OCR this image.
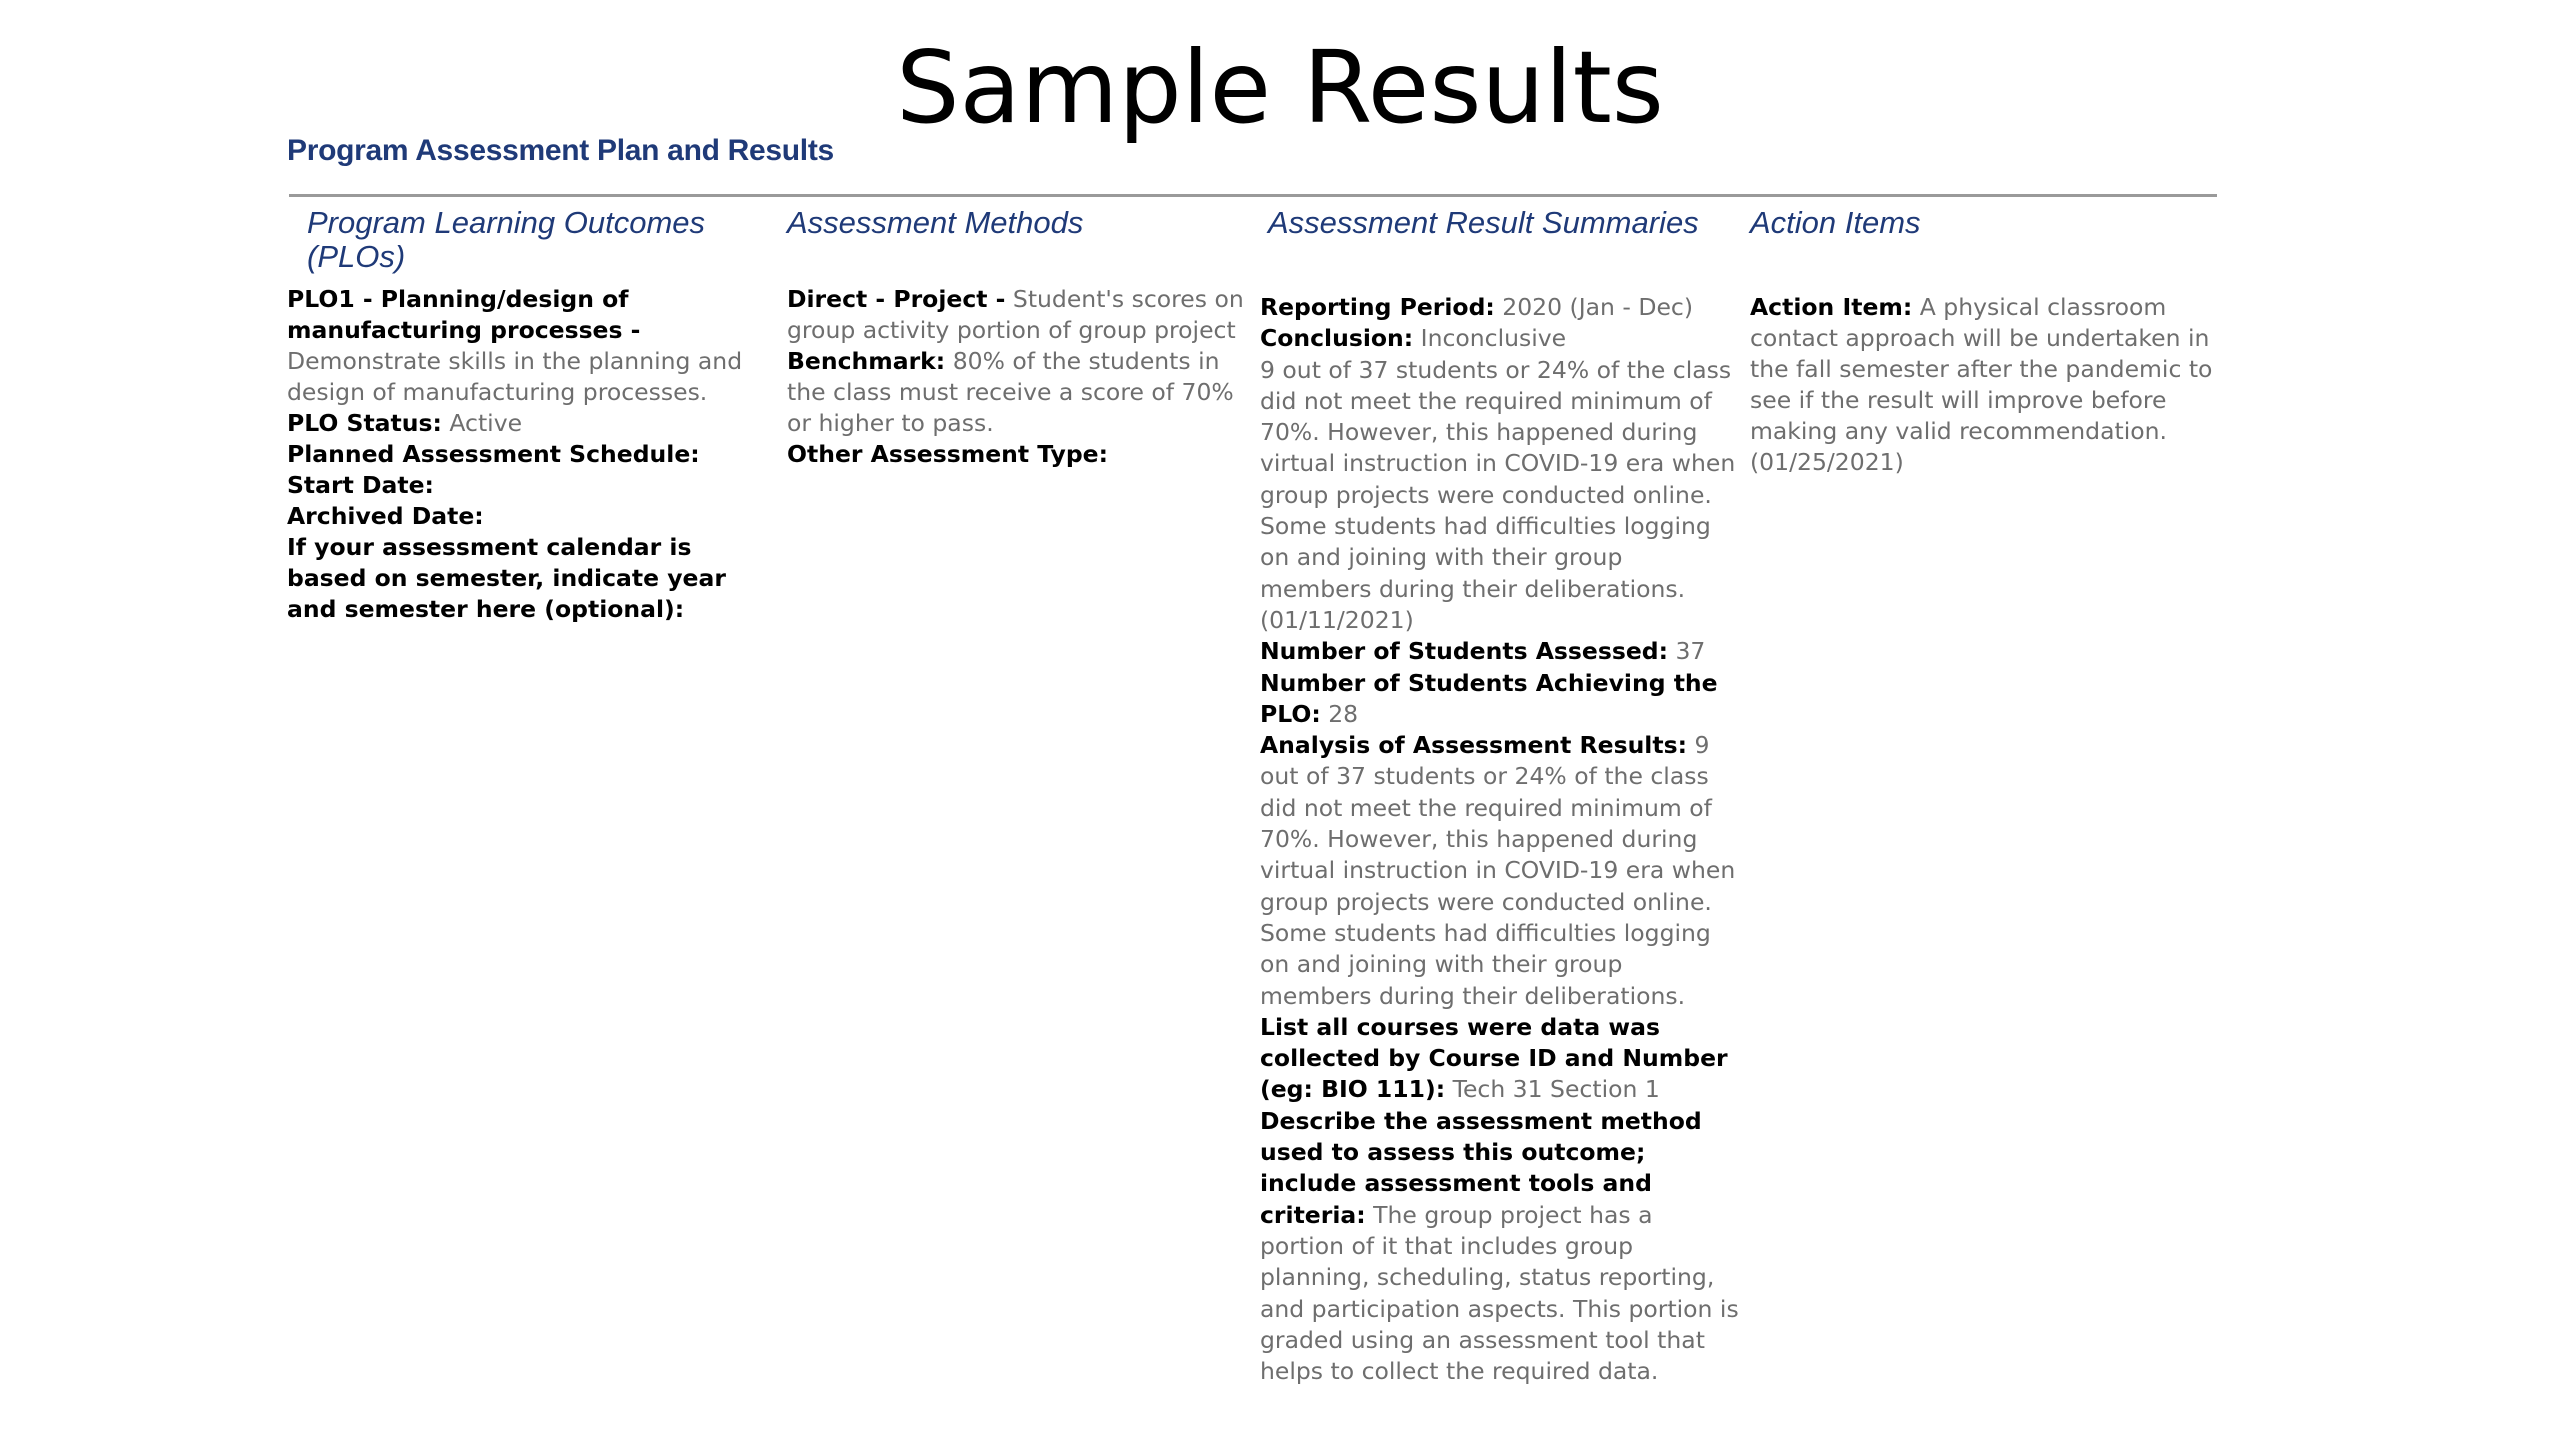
Sample Results
Program Assessment Plan and Results
Program Learning Outcomes (PLOs)
Assessment Methods	Assessment Result Summaries	Action Items

PLO1 - Planning/design of manufacturing processes - Demonstrate skills in the planning and design of manufacturing processes.

PLO Status: Active

Planned Assessment Schedule:

Start Date:

Archived Date:

If your assessment calendar is based on semester, indicate year and semester here (optional):

Direct - Project - Student's scores on group activity portion of group project Benchmark: 80% of the students in the class must receive a score of 70% or higher to pass.

Other Assessment Type:

Reporting Period: 2020 (Jan - Dec)

Conclusion: Inconclusive

9 out of 37 students or 24% of the class did not meet the required minimum of 70%. However, this happened during virtual instruction in COVID-19 era when group projects were conducted online. Some students had difficulties logging on and joining with their group members during their deliberations.

(01/11/2021)

Number of Students Assessed: 37

Number of Students Achieving the PLO: 28

Analysis of Assessment Results: 9 out of 37 students or 24% of the class did not meet the required minimum of 70%. However, this happened during virtual instruction in COVID-19 era when group projects were conducted online. Some students had difficulties logging on and joining with their group members during their deliberations.

List all courses were data was collected by Course ID and Number (eg: BIO 111): Tech 31 Section 1

Describe the assessment method used to assess this outcome; include assessment tools and criteria: The group project has a portion of it that includes group planning, scheduling, status reporting, and participation aspects. This portion is graded using an assessment tool that helps to collect the required data.

Action Item: A physical classroom contact approach will be undertaken in the fall semester after the pandemic to see if the result will improve before making any valid recommendation.

(01/25/2021)
